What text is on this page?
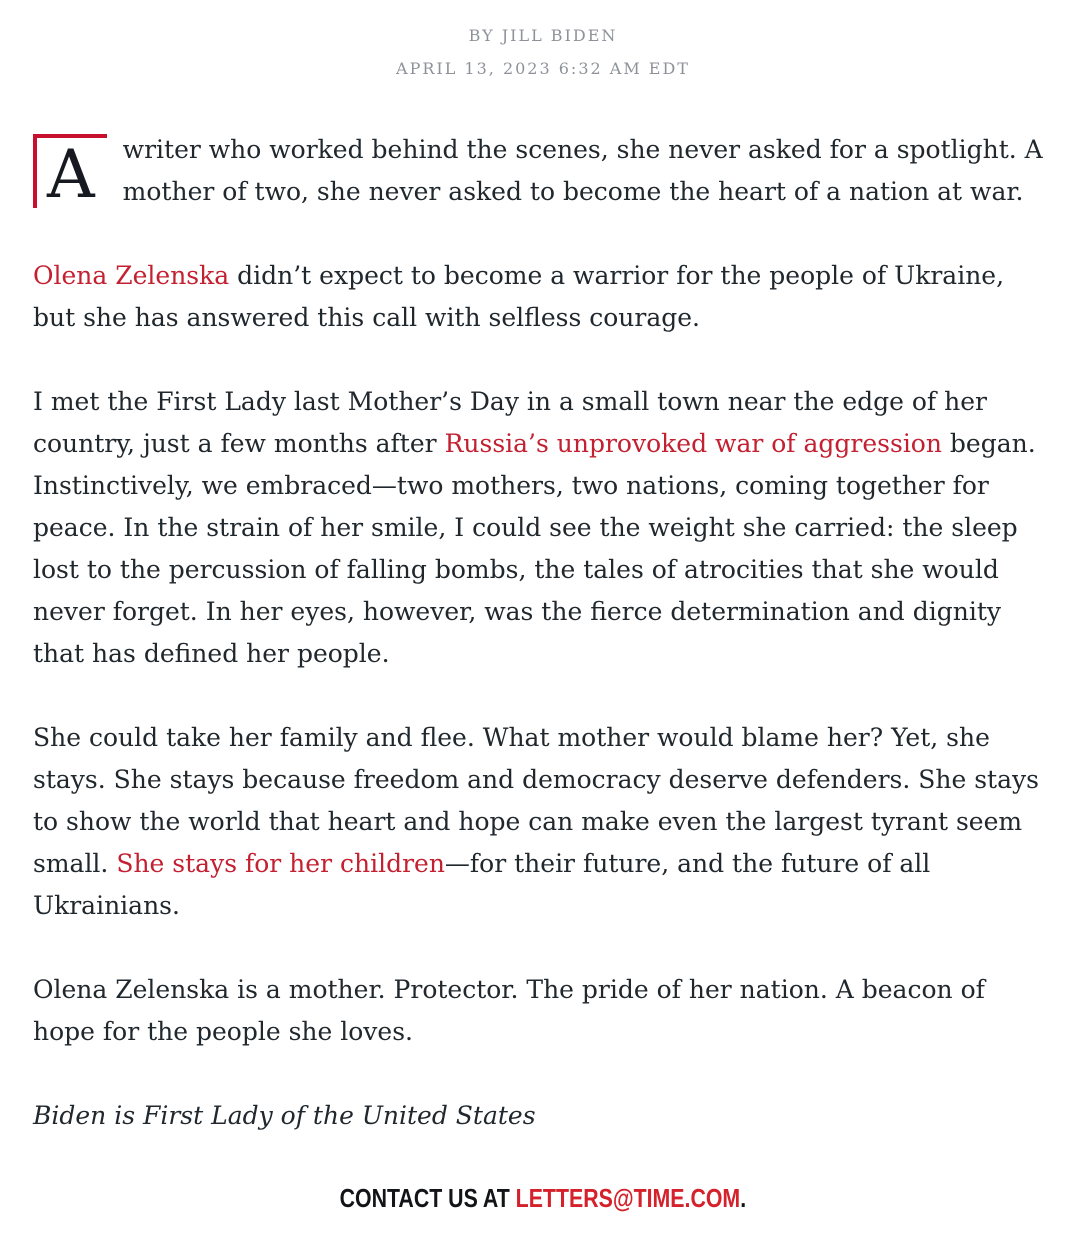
BY JILL BIDEN
APRIL 13, 2023 6:32 AM EDT

A	writer who worked behind the scenes, she never asked for a spotlight. A mother of two, she never asked to become the heart of a nation at war.

Olena Zelenska didn’t expect to become a warrior for the people of Ukraine, but she has answered this call with selfless courage.

I met the First Lady last Mother’s Day in a small town near the edge of her country, just a few months after Russia’s unprovoked war of aggression began. Instinctively, we embraced—two mothers, two nations, coming together for peace. In the strain of her smile, I could see the weight she carried: the sleep lost to the percussion of falling bombs, the tales of atrocities that she would never forget. In her eyes, however, was the fierce determination and dignity that has defined her people.

She could take her family and flee. What mother would blame her? Yet, she stays. She stays because freedom and democracy deserve defenders. She stays to show the world that heart and hope can make even the largest tyrant seem small. She stays for her children—for their future, and the future of all Ukrainians.

Olena Zelenska is a mother. Protector. The pride of her nation. A beacon of hope for the people she loves.

Biden is First Lady of the United States
CONTACT US AT LETTERS@TIME.COM.
